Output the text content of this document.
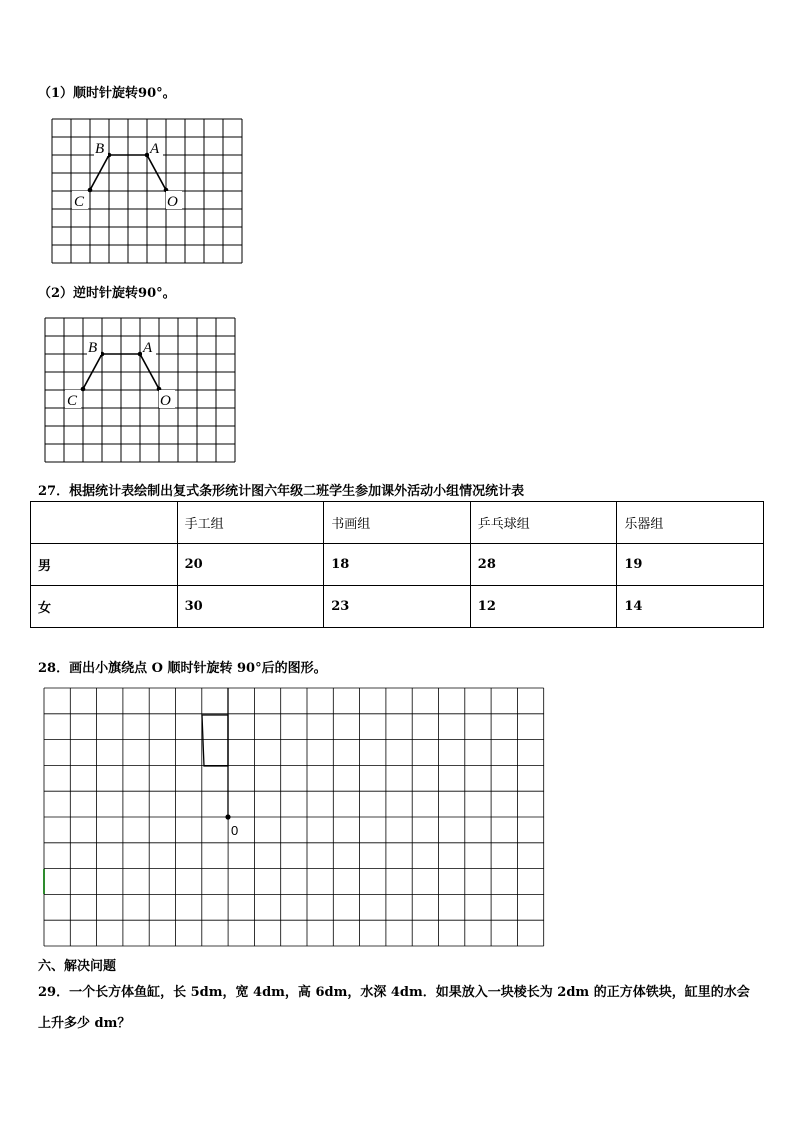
（1）顺时针旋转90°。
B	A
C	O
（2）逆时针旋转90°。
B	A
C	O
27．根据统计表绘制出复式条形统计图六年级二班学生参加课外活动小组情况统计表
	手工组	书画组	乒乓球组	乐器组
男	20	18	28	19
女	30	23	12	14
28．画出小旗绕点 O 顺时针旋转 90°后的图形。
0
六、解决问题
29．一个长方体鱼缸，长 5dm，宽 4dm，高 6dm，水深 4dm．如果放入一块棱长为 2dm 的正方体铁块，缸里的水会
上升多少 dm？
